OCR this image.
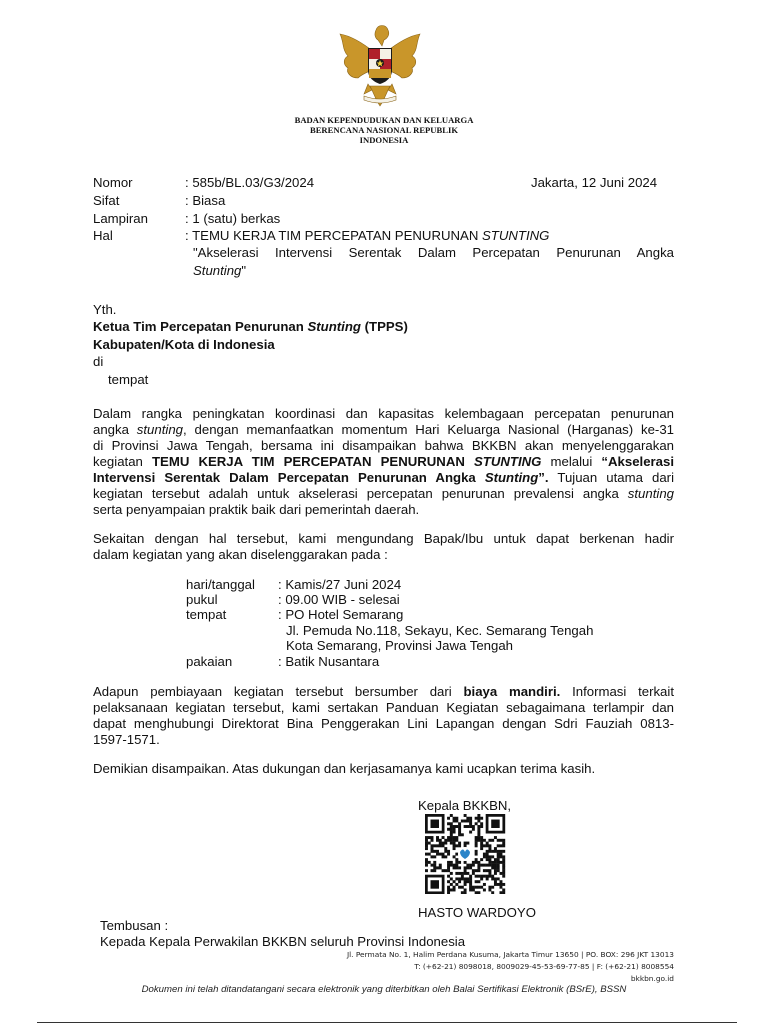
BADAN KEPENDUDUKAN DAN KELUARGA
BERENCANA NASIONAL REPUBLIK
INDONESIA
Nomor	: 585b/BL.03/G3/2024	Jakarta, 12 Juni 2024
Sifat	: Biasa
Lampiran	: 1 (satu) berkas
Hal	: TEMU KERJA TIM PERCEPATAN PENURUNAN STUNTING
"Akselerasi Intervensi Serentak Dalam Percepatan Penurunan Angka
Stunting"
Yth.
Ketua Tim Percepatan Penurunan Stunting (TPPS)
Kabupaten/Kota di Indonesia
di
tempat
Dalam rangka peningkatan koordinasi dan kapasitas kelembagaan percepatan penurunan
angka stunting, dengan memanfaatkan momentum Hari Keluarga Nasional (Harganas) ke-31
di Provinsi Jawa Tengah, bersama ini disampaikan bahwa BKKBN akan menyelenggarakan
kegiatan TEMU KERJA TIM PERCEPATAN PENURUNAN STUNTING melalui “Akselerasi
Intervensi Serentak Dalam Percepatan Penurunan Angka Stunting”. Tujuan utama dari
kegiatan tersebut adalah untuk akselerasi percepatan penurunan prevalensi angka stunting
serta penyampaian praktik baik dari pemerintah daerah.
Sekaitan dengan hal tersebut, kami mengundang Bapak/Ibu untuk dapat berkenan hadir
dalam kegiatan yang akan diselenggarakan pada :
hari/tanggal : Kamis/27 Juni 2024
pukul	: 09.00 WIB - selesai
tempat	: PO Hotel Semarang
Jl. Pemuda No.118, Sekayu, Kec. Semarang Tengah
Kota Semarang, Provinsi Jawa Tengah
pakaian	: Batik Nusantara
Adapun pembiayaan kegiatan tersebut bersumber dari biaya mandiri. Informasi terkait
pelaksanaan kegiatan tersebut, kami sertakan Panduan Kegiatan sebagaimana terlampir dan
dapat menghubungi Direktorat Bina Penggerakan Lini Lapangan dengan Sdri Fauziah 0813-
1597-1571.
Demikian disampaikan. Atas dukungan dan kerjasamanya kami ucapkan terima kasih.
Kepala BKKBN,
HASTO WARDOYO
Tembusan :
Kepada Kepala Perwakilan BKKBN seluruh Provinsi Indonesia
Jl. Permata No. 1, Halim Perdana Kusuma, Jakarta Timur 13650 | PO. BOX: 296 JKT 13013
T: (+62-21) 8098018, 8009029-45-53-69-77-85 | F: (+62-21) 8008554
bkkbn.go.id
Dokumen ini telah ditandatangani secara elektronik yang diterbitkan oleh Balai Sertifikasi Elektronik (BSrE), BSSN
